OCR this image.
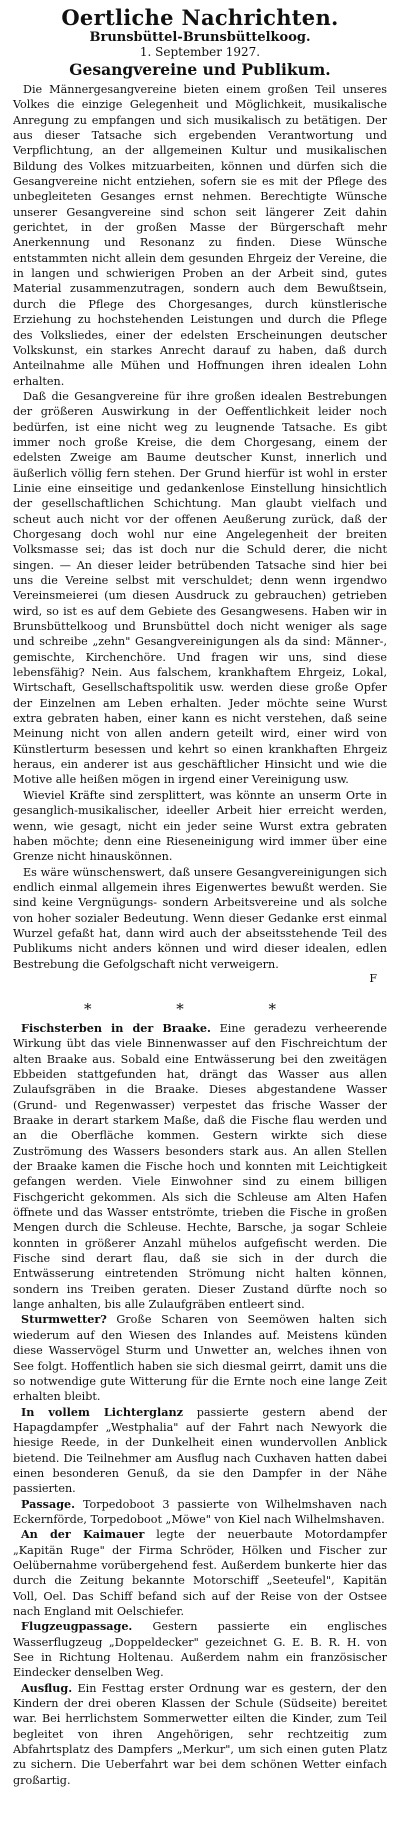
Oertliche Nachrichten.
Brunsbüttel-Brunsbüttelkoog.
1. September 1927.
Gesangvereine und Publikum.

Die Männergesangvereine bieten einem großen Teil unseres Volkes die einzige Gelegenheit und Möglichkeit, musikalische Anregung zu empfangen und sich musikalisch zu betätigen. Der aus dieser Tatsache sich ergebenden Verantwortung und Verpflichtung, an der allgemeinen Kultur und musikalischen Bildung des Volkes mitzuarbeiten, können und dürfen sich die Gesangvereine nicht entziehen, sofern sie es mit der Pflege des unbegleiteten Gesanges ernst nehmen. Berechtigte Wünsche unserer Gesangvereine sind schon seit längerer Zeit dahin gerichtet, in der großen Masse der Bürgerschaft mehr Anerkennung und Resonanz zu finden. Diese Wünsche entstammten nicht allein dem gesunden Ehrgeiz der Vereine, die in langen und schwierigen Proben an der Arbeit sind, gutes Material zusammenzutragen, sondern auch dem Bewußtsein, durch die Pflege des Chorgesanges, durch künstlerische Erziehung zu hochstehenden Leistungen und durch die Pflege des Volksliedes, einer der edelsten Erscheinungen deutscher Volkskunst, ein starkes Anrecht darauf zu haben, daß durch Anteilnahme alle Mühen und Hoffnungen ihren idealen Lohn erhalten.

Daß die Gesangvereine für ihre großen idealen Bestrebungen der größeren Auswirkung in der Oeffentlichkeit leider noch bedürfen, ist eine nicht weg zu leugnende Tatsache. Es gibt immer noch große Kreise, die dem Chorgesang, einem der edelsten Zweige am Baume deutscher Kunst, innerlich und äußerlich völlig fern stehen. Der Grund hierfür ist wohl in erster Linie eine einseitige und gedankenlose Einstellung hinsichtlich der gesellschaftlichen Schichtung. Man glaubt vielfach und scheut auch nicht vor der offenen Aeußerung zurück, daß der Chorgesang doch wohl nur eine Angelegenheit der breiten Volksmasse sei; das ist doch nur die Schuld derer, die nicht singen. — An dieser leider betrübenden Tatsache sind hier bei uns die Vereine selbst mit verschuldet; denn wenn irgendwo Vereinsmeierei (um diesen Ausdruck zu gebrauchen) getrieben wird, so ist es auf dem Gebiete des Gesangwesens. Haben wir in Brunsbüttelkoog und Brunsbüttel doch nicht weniger als sage und schreibe „zehn" Gesangvereinigungen als da sind: Männer-, gemischte, Kirchenchöre. Und fragen wir uns, sind diese lebensfähig? Nein. Aus falschem, krankhaftem Ehrgeiz, Lokal, Wirtschaft, Gesellschaftspolitik usw. werden diese große Opfer der Einzelnen am Leben erhalten. Jeder möchte seine Wurst extra gebraten haben, einer kann es nicht verstehen, daß seine Meinung nicht von allen andern geteilt wird, einer wird von Künstlerturm besessen und kehrt so einen krankhaften Ehrgeiz heraus, ein anderer ist aus geschäftlicher Hinsicht und wie die Motive alle heißen mögen in irgend einer Vereinigung usw.

Wieviel Kräfte sind zersplittert, was könnte an unserm Orte in gesanglich-musikalischer, ideeller Arbeit hier erreicht werden, wenn, wie gesagt, nicht ein jeder seine Wurst extra gebraten haben möchte; denn eine Rieseneinigung wird immer über eine Grenze nicht hinauskönnen.

Es wäre wünschenswert, daß unsere Gesangvereinigungen sich endlich einmal allgemein ihres Eigenwertes bewußt werden. Sie sind keine Vergnügungs- sondern Arbeitsvereine und als solche von hoher sozialer Bedeutung. Wenn dieser Gedanke erst einmal Wurzel gefaßt hat, dann wird auch der abseitsstehende Teil des Publikums nicht anders können und wird dieser idealen, edlen Bestrebung die Gefolgschaft nicht verweigern.

F
* * *

Fischsterben in der Braake. Eine geradezu verheerende Wirkung übt das viele Binnenwasser auf den Fischreichtum der alten Braake aus. Sobald eine Entwässerung bei den zweitägen Ebbeiden stattgefunden hat, drängt das Wasser aus allen Zulaufsgräben in die Braake. Dieses abgestandene Wasser (Grund- und Regenwasser) verpestet das frische Wasser der Braake in derart starkem Maße, daß die Fische flau werden und an die Oberfläche kommen. Gestern wirkte sich diese Zuströmung des Wassers besonders stark aus. An allen Stellen der Braake kamen die Fische hoch und konnten mit Leichtigkeit gefangen werden. Viele Einwohner sind zu einem billigen Fischgericht gekommen. Als sich die Schleuse am Alten Hafen öffnete und das Wasser entströmte, trieben die Fische in großen Mengen durch die Schleuse. Hechte, Barsche, ja sogar Schleie konnten in größerer Anzahl mühelos aufgefischt werden. Die Fische sind derart flau, daß sie sich in der durch die Entwässerung eintretenden Strömung nicht halten können, sondern ins Treiben geraten. Dieser Zustand dürfte noch so lange anhalten, bis alle Zulaufgräben entleert sind.

Sturmwetter? Große Scharen von Seemöwen halten sich wiederum auf den Wiesen des Inlandes auf. Meistens künden diese Wasservögel Sturm und Unwetter an, welches ihnen von See folgt. Hoffentlich haben sie sich diesmal geirrt, damit uns die so notwendige gute Witterung für die Ernte noch eine lange Zeit erhalten bleibt.

In vollem Lichterglanz passierte gestern abend der Hapagdampfer „Westphalia" auf der Fahrt nach Newyork die hiesige Reede, in der Dunkelheit einen wundervollen Anblick bietend. Die Teilnehmer am Ausflug nach Cuxhaven hatten dabei einen besonderen Genuß, da sie den Dampfer in der Nähe passierten.

Passage. Torpedoboot 3 passierte von Wilhelmshaven nach Eckernförde, Torpedoboot „Möwe" von Kiel nach Wilhelmshaven.

An der Kaimauer legte der neuerbaute Motordampfer „Kapitän Ruge" der Firma Schröder, Hölken und Fischer zur Oelübernahme vorübergehend fest. Außerdem bunkerte hier das durch die Zeitung bekannte Motorschiff „Seeteufel", Kapitän Voll, Oel. Das Schiff befand sich auf der Reise von der Ostsee nach England mit Oelschiefer.

Flugzeugpassage. Gestern passierte ein englisches Wasserflugzeug „Doppeldecker" gezeichnet G. E. B. R. H. von See in Richtung Holtenau. Außerdem nahm ein französischer Eindecker denselben Weg.

Ausflug. Ein Festtag erster Ordnung war es gestern, der den Kindern der drei oberen Klassen der Schule (Südseite) bereitet war. Bei herrlichstem Sommerwetter eilten die Kinder, zum Teil begleitet von ihren Angehörigen, sehr rechtzeitig zum Abfahrtsplatz des Dampfers „Merkur", um sich einen guten Platz zu sichern. Die Ueberfahrt war bei dem schönen Wetter einfach großartig.
